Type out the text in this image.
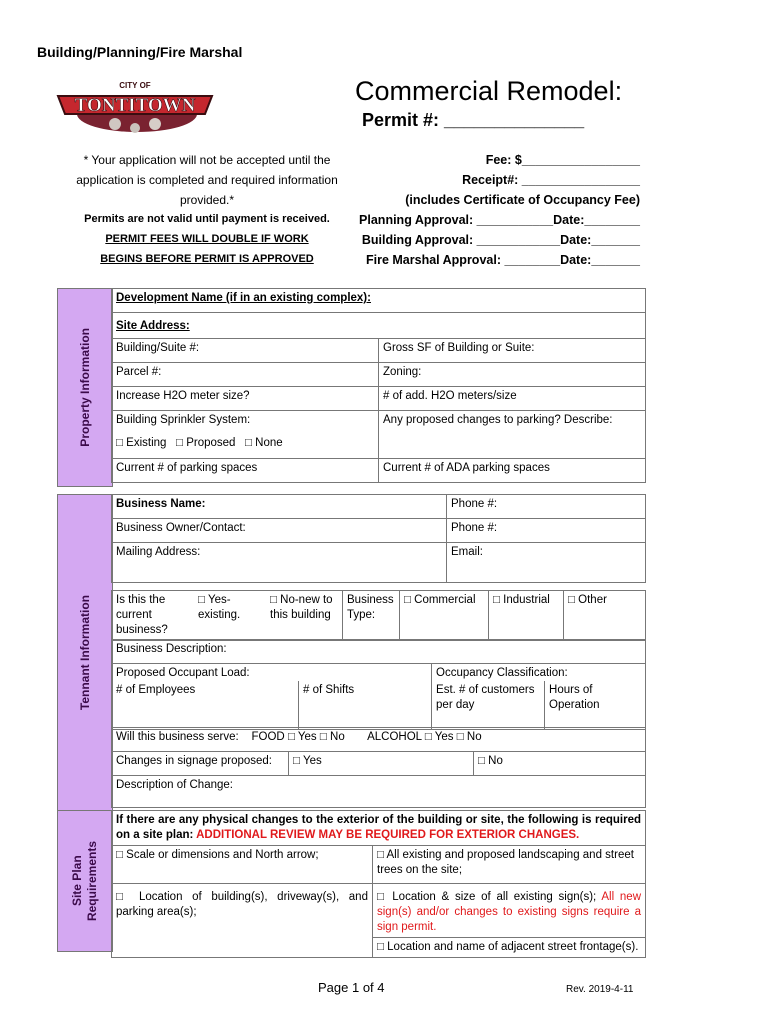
Building/Planning/Fire Marshal
TONTITOWN
CITY OF	Commercial Remodel:
Permit #: ______________
* Your application will not be accepted until the
application is completed and required information
provided.*
Permits are not valid until payment is received.
PERMIT FEES WILL DOUBLE IF WORK
BEGINS BEFORE PERMIT IS APPROVED
Fee: $_________________
Receipt#: _________________
(includes Certificate of Occupancy Fee)
Planning Approval: ___________Date:________
Building Approval: ____________Date:_______
Fire Marshal Approval: ________Date:_______
Property Information
Development Name (if in an existing complex):	
Site Address:	
Building/Suite #:	Gross SF of Building or Suite:
Parcel #:	Zoning:
Increase H2O meter size?	# of add. H2O meters/size

Building Sprinkler System:
□ Existing □ Proposed □ None	Any proposed changes to parking? Describe:
Current # of parking spaces	Current # of ADA parking spaces
Tennant Information
Business Name:	Phone #:
Business Owner/Contact:	Phone #:
Mailing Address:	Email:
Is this the current business?	□ Yes- existing.	□ No-new to this building	Business Type:	□ Commercial	□Industrial	□Other
Business Description:
Proposed Occupant Load:		Occupancy Classification:	
# of Employees	# of Shifts	Est. # of customers per day	Hours of Operation
Will this business serve: FOOD □ Yes □ No ALCOHOL □ Yes □ No
Changes in signage proposed:	□Yes	□No
Description of Change:
Site Plan
Requirements
If there are any physical changes to the exterior of the building or site, the following is required on a site plan: ADDITIONAL REVIEW MAY BE REQUIRED FOR EXTERIOR CHANGES.	
□ Scale or dimensions and North arrow;	□All existing and proposed landscaping and street trees on the site;
□ Location of building(s), driveway(s), and parking area(s);	□ Location & size of all existing sign(s); All new sign(s) and/or changes to existing signs require a sign permit.
□ Location and name of adjacent street frontage(s).
Page 1 of 4	Rev. 2019-4-11
